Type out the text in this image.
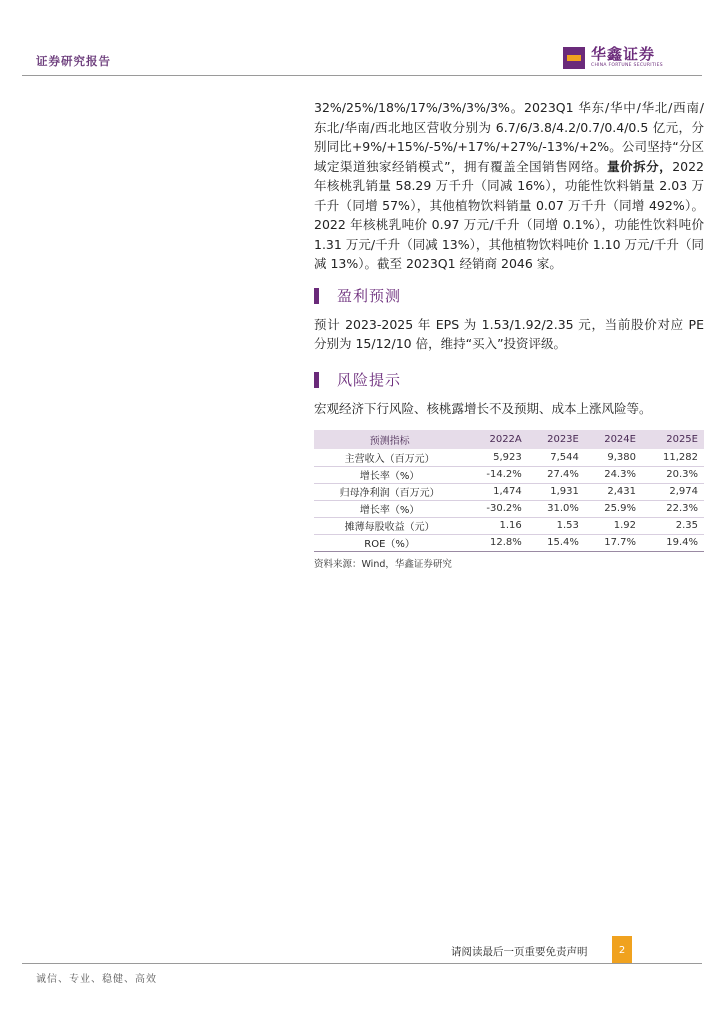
证券研究报告	华鑫证券
CHINA FORTUNE SECURITIES

32%/25%/18%/17%/3%/3%/3%。2023Q1 华东/华中/华北/西南/东北/华南/西北地区营收分别为 6.7/6/3.8/4.2/0.7/0.4/0.5 亿元，分别同比+9%/+15%/-5%/+17%/+27%/-13%/+2%。公司坚持“分区域定渠道独家经销模式”，拥有覆盖全国销售网络。量价拆分，2022 年核桃乳销量 58.29 万千升（同减 16%），功能性饮料销量 2.03 万千升（同增 57%），其他植物饮料销量 0.07 万千升（同增 492%）。2022 年核桃乳吨价 0.97 万元/千升（同增 0.1%），功能性饮料吨价 1.31 万元/千升（同减 13%），其他植物饮料吨价 1.10 万元/千升（同减 13%）。截至 2023Q1 经销商 2046 家。

盈利预测

预计 2023-2025 年 EPS 为 1.53/1.92/2.35 元，当前股价对应 PE 分别为 15/12/10 倍，维持“买入”投资评级。

风险提示

宏观经济下行风险、核桃露增长不及预期、成本上涨风险等。

预测指标	2022A	2023E	2024E	2025E
主营收入（百万元）	5,923	7,544	9,380	11,282
增长率（%）	-14.2%	27.4%	24.3%	20.3%
归母净利润（百万元）	1,474	1,931	2,431	2,974
增长率（%）	-30.2%	31.0%	25.9%	22.3%
摊薄每股收益（元）	1.16	1.53	1.92	2.35
ROE（%）	12.8%	15.4%	17.7%	19.4%
资料来源：Wind，华鑫证券研究
请阅读最后一页重要免责声明	2
诚信、专业、稳健、高效
